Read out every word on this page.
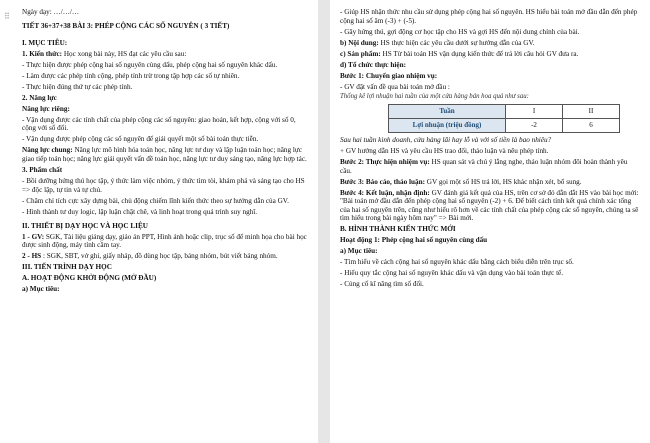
⠿ Ngày dạy: …/…/…

TIẾT 36+37+38 BÀI 3: PHÉP CỘNG CÁC SỐ NGUYÊN ( 3 TIẾT)

I. MỤC TIÊU:

1. Kiến thức: Học xong bài này, HS đạt các yêu cầu sau:

- Thực hiện được phép cộng hai số nguyên cùng dấu, phép cộng hai số nguyên khác dấu.

- Làm được các phép tính cộng, phép tính trừ trong tập hợp các số tự nhiên.

- Thực hiện đúng thứ tự các phép tính.

2. Năng lực

Năng lực riêng:

- Vận dụng được các tính chất của phép cộng các số nguyên: giao hoán, kết hợp, cộng với số 0, cộng với số đối.

- Vận dụng được phép cộng các số nguyên để giải quyết một số bài toán thực tiễn.

Năng lực chung: Năng lực mô hình hóa toán học, năng lực tư duy và lập luận toán học; năng lực giao tiếp toán học; năng lực giải quyết vấn đề toán học, năng lực tư duy sáng tạo, năng lực hợp tác.

3. Phẩm chất

- Bồi dưỡng hứng thú học tập, ý thức làm việc nhóm, ý thức tìm tòi, khám phá và sáng tạo cho HS => độc lập, tự tin và tự chủ.

- Chăm chỉ tích cực xây dựng bài, chủ động chiếm lĩnh kiến thức theo sự hướng dẫn của GV.

- Hình thành tư duy logic, lập luận chặt chẽ, và linh hoạt trong quá trình suy nghĩ.

II. THIẾT BỊ DẠY HỌC VÀ HỌC LIỆU

1 - GV: SGK, Tài liệu giảng dạy, giáo án PPT, Hình ảnh hoặc clip, trục số để minh họa cho bài học được sinh động, máy tính cầm tay.

2 - HS : SGK, SBT, vở ghi, giấy nháp, đồ dùng học tập, bảng nhóm, bút viết bảng nhóm.

III. TIẾN TRÌNH DẠY HỌC

A. HOẠT ĐỘNG KHỞI ĐỘNG (MỞ ĐẦU)

a) Mục tiêu:

- Giúp HS nhận thức nhu cầu sử dụng phép cộng hai số nguyên. HS hiểu bài toán mở đầu dẫn đến phép cộng hai số âm (-3) + (-5).

- Gây hứng thú, gợi động cơ học tập cho HS và gợi HS đến nội dung chính của bài.

b) Nội dung: HS thực hiện các yêu cầu dưới sự hướng dẫn của GV.

c) Sản phẩm: HS Từ bài toán HS vận dụng kiến thức để trả lời câu hỏi GV đưa ra.

d) Tổ chức thực hiện:

Bước 1: Chuyển giao nhiệm vụ:

- GV đặt vấn đề qua bài toán mở đầu :

Thống kê lợi nhuận hai tuần của một cửa hàng bán hoa quả như sau:

Tuần	I	II
Lợi nhuận (triệu đồng)	-2	6

Sau hai tuần kinh doanh, cửa hàng lãi hay lỗ và với số tiền là bao nhiêu?

+ GV hướng dẫn HS và yêu cầu HS trao đổi, thảo luận và nêu phép tính.

Bước 2: Thực hiện nhiệm vụ: HS quan sát và chú ý lắng nghe, thảo luận nhóm đôi hoàn thành yêu cầu.

Bước 3: Báo cáo, thảo luận: GV gọi một số HS trả lời, HS khác nhận xét, bổ sung.

Bước 4: Kết luận, nhận định: GV đánh giá kết quả của HS, trên cơ sở đó dẫn dắt HS vào bài học mới: "Bài toán mở đầu dẫn đến phép cộng hai số nguyên (-2) + 6. Để biết cách tính kết quả chính xác tổng của hai số nguyên trên, cũng như hiểu rõ hơn về các tính chất của phép cộng các số nguyên, chúng ta sẽ tìm hiểu trong bài ngày hôm nay" => Bài mới.

B. HÌNH THÀNH KIẾN THỨC MỚI

Hoạt động 1: Phép cộng hai số nguyên cùng dấu

a) Mục tiêu:

- Tìm hiểu về cách cộng hai số nguyên khác dấu bằng cách biểu diễn trên trục số.

- Hiểu quy tắc cộng hai số nguyên khác dấu và vận dụng vào bài toán thực tế.

- Củng cố kĩ năng tìm số đối.
